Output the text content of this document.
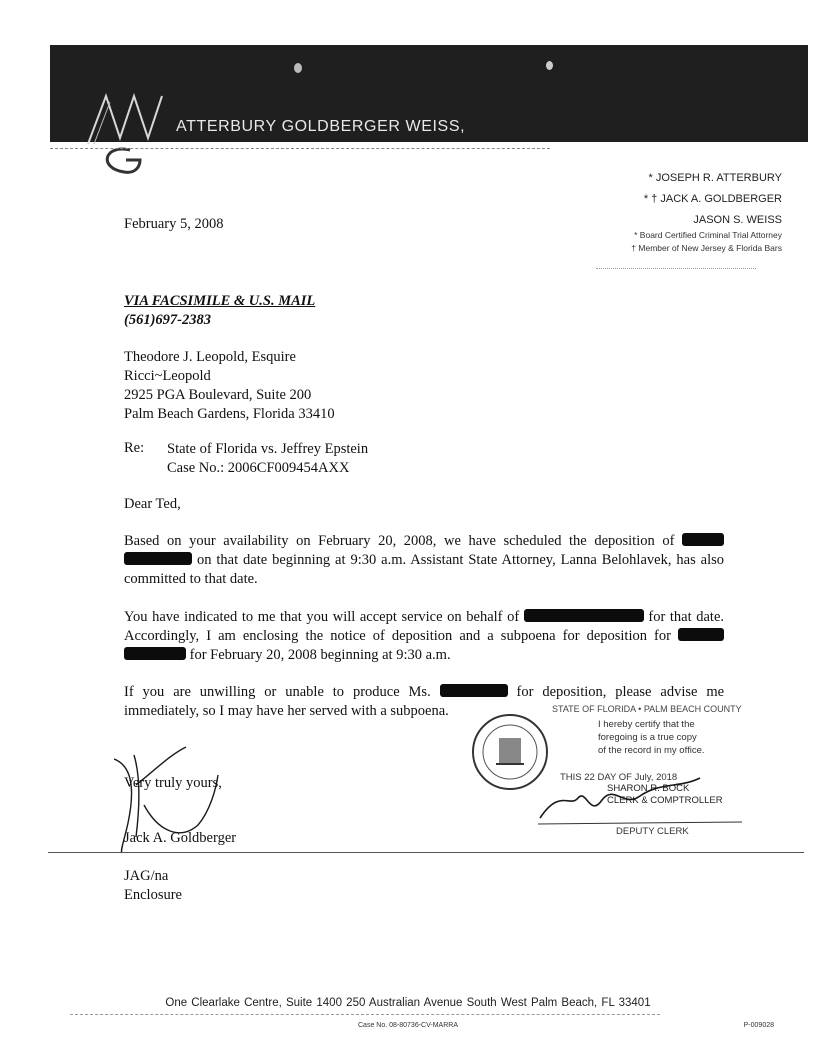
ATTERBURY GOLDBERGER WEISS,
* JOSEPH R. ATTERBURY
* † JACK A. GOLDBERGER
JASON S. WEISS
* Board Certified Criminal Trial Attorney
† Member of New Jersey & Florida Bars
February 5, 2008
VIA FACSIMILE & U.S. MAIL
(561)697-2383
Theodore J. Leopold, Esquire
Ricci~Leopold
2925 PGA Boulevard, Suite 200
Palm Beach Gardens, Florida 33410
Re: State of Florida vs. Jeffrey Epstein
Case No.: 2006CF009454AXX
Dear Ted,
Based on your availability on February 20, 2008, we have scheduled the deposition of   on that date beginning at 9:30 a.m. Assistant State Attorney, Lanna Belohlavek, has also committed to that date.
You have indicated to me that you will accept service on behalf of	for that date. Accordingly, I am enclosing the notice of deposition and a subpoena for deposition for   for February 20, 2008 beginning at 9:30 a.m.
If you are unwilling or unable to produce Ms.	for deposition, please advise me immediately, so I may have her served with a subpoena.
Very truly yours,
Jack A. Goldberger
STATE OF FLORIDA • PALM BEACH COUNTY
I hereby certify that the
foregoing is a true copy
of the record in my office.
THIS 22 DAY OF July, 2018
SHARON R. BOCK
CLERK & COMPTROLLER
DEPUTY CLERK
JAG/na
Enclosure
One Clearlake Centre, Suite 1400 250 Australian Avenue South West Palm Beach, FL 33401
Case No. 08-80736-CV-MARRA	P-009028
